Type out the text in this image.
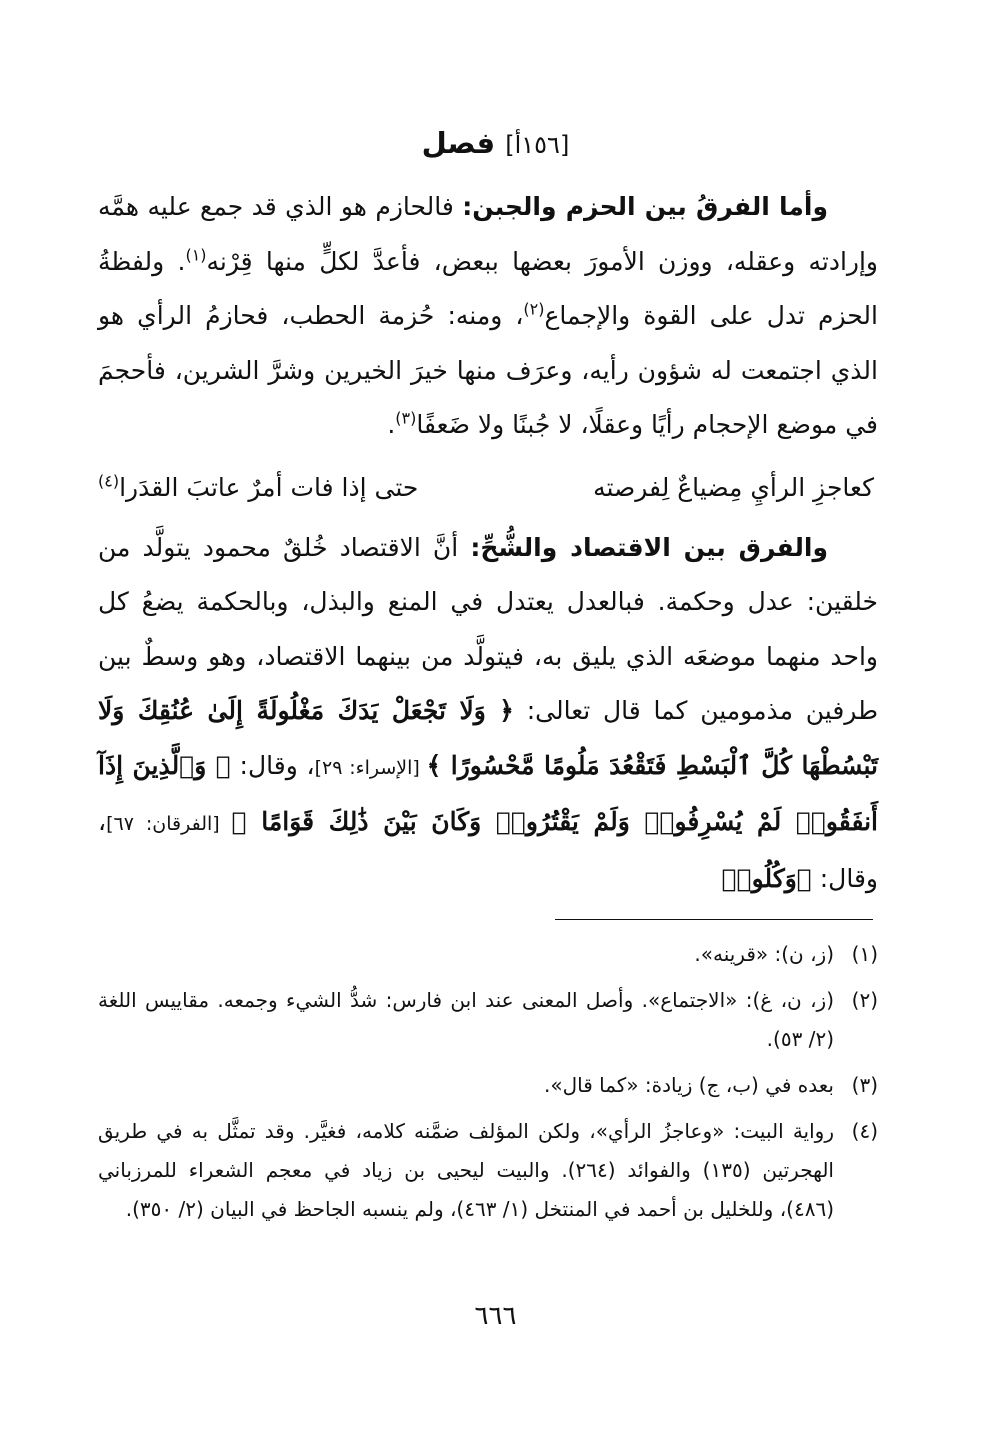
[١٥٦أ] فصل

وأما الفرقُ بين الحزم والجبن: فالحازم هو الذي قد جمع عليه همَّه وإرادته وعقله، ووزن الأمورَ بعضها ببعض، فأعدَّ لكلٍّ منها قِرْنه$^{(١)}$. ولفظةُ الحزم تدل على القوة والإجماع$^{(٢)}$، ومنه: حُزمة الحطب، فحازمُ الرأي هو الذي اجتمعت له شؤون رأيه، وعرَف منها خيرَ الخيرين وشرَّ الشرين، فأحجمَ في موضع الإحجام رأيًا وعقلًا، لا جُبنًا ولا ضَعفًا$^{(٣)}$.

كعاجزِ الرأيِ مِضياعٌ لِفرصته
حتى إذا فات أمرٌ عاتبَ القدَرا$^{(٤)}$

والفرق بين الاقتصاد والشُّحِّ: أنَّ الاقتصاد خُلقٌ محمود يتولَّد من خلقين: عدل وحكمة. فبالعدل يعتدل في المنع والبذل، وبالحكمة يضعُ كل واحد منهما موضعَه الذي يليق به، فيتولَّد من بينهما الاقتصاد، وهو وسطٌ بين طرفين مذمومين كما قال تعالى: ﴿ وَلَا تَجْعَلْ يَدَكَ مَغْلُولَةً إِلَىٰ عُنُقِكَ وَلَا تَبْسُطْهَا كُلَّ ٱلْبَسْطِ فَتَقْعُدَ مَلُومًا مَّحْسُورًا ﴾ [الإسراء: ٢٩]، وقال: ﴿ وَٱلَّذِينَ إِذَآ أَنفَقُوا۟ لَمْ يُسْرِفُوا۟ وَلَمْ يَقْتُرُوا۟ وَكَانَ بَيْنَ ذَٰلِكَ قَوَامًا ﴾ [الفرقان: ٦٧]، وقال: ﴿وَكُلُوا۟

(١)
(ز، ن): «قرينه».
(٢)
(ز، ن، غ): «الاجتماع». وأصل المعنى عند ابن فارس: شدُّ الشيء وجمعه. مقاييس اللغة (٢/ ٥٣).
(٣)
بعده في (ب، ج) زيادة: «كما قال».
(٤)
رواية البيت: «وعاجزُ الرأي»، ولكن المؤلف ضمَّنه كلامه، فغيَّر. وقد تمثَّل به في طريق الهجرتين (١٣٥) والفوائد (٢٦٤). والبيت ليحيى بن زياد في معجم الشعراء للمرزباني (٤٨٦)، وللخليل بن أحمد في المنتخل (١/ ٤٦٣)، ولم ينسبه الجاحظ في البيان (٢/ ٣٥٠).
٦٦٦
